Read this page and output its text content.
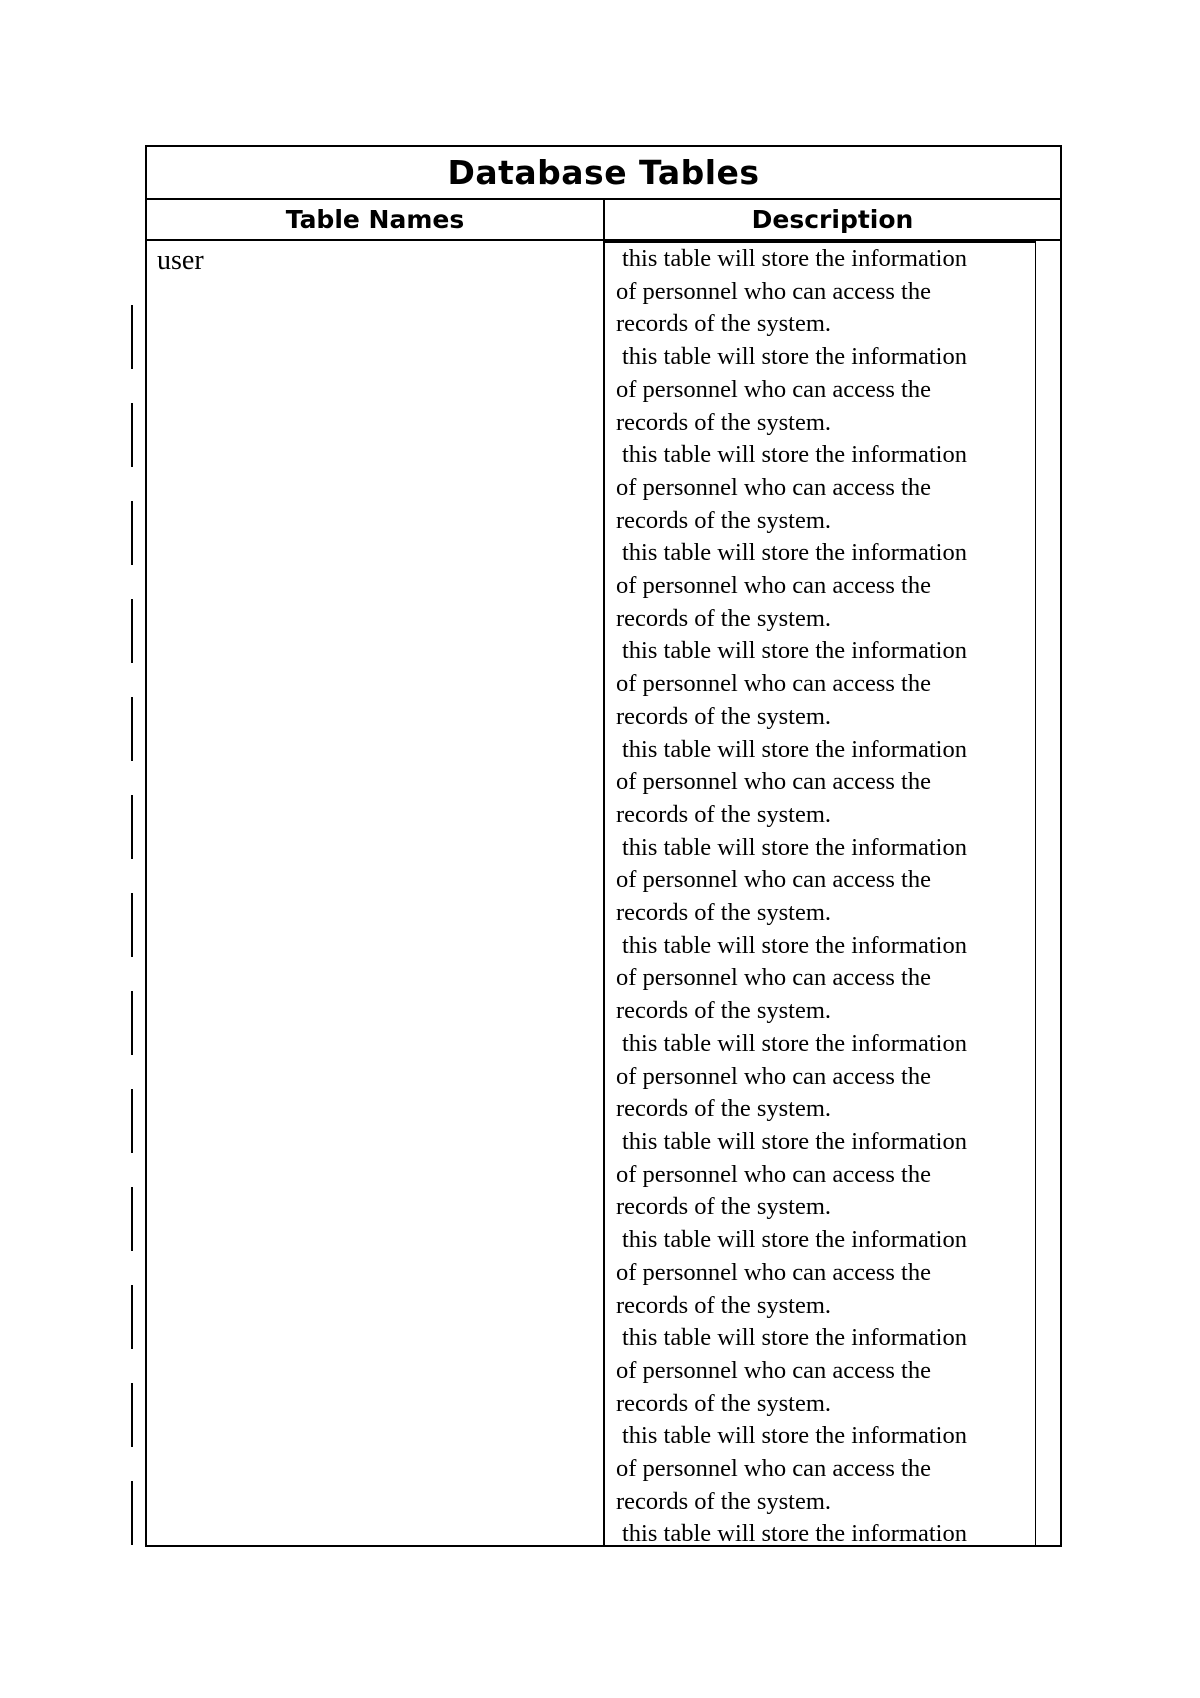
Database Tables
Table Names	Description
user	this table will store the information
of personnel who can access the
records of the system.
this table will store the information
of personnel who can access the
records of the system.
this table will store the information
of personnel who can access the
records of the system.
this table will store the information
of personnel who can access the
records of the system.
this table will store the information
of personnel who can access the
records of the system.
this table will store the information
of personnel who can access the
records of the system.
this table will store the information
of personnel who can access the
records of the system.
this table will store the information
of personnel who can access the
records of the system.
this table will store the information
of personnel who can access the
records of the system.
this table will store the information
of personnel who can access the
records of the system.
this table will store the information
of personnel who can access the
records of the system.
this table will store the information
of personnel who can access the
records of the system.
this table will store the information
of personnel who can access the
records of the system.
this table will store the information
